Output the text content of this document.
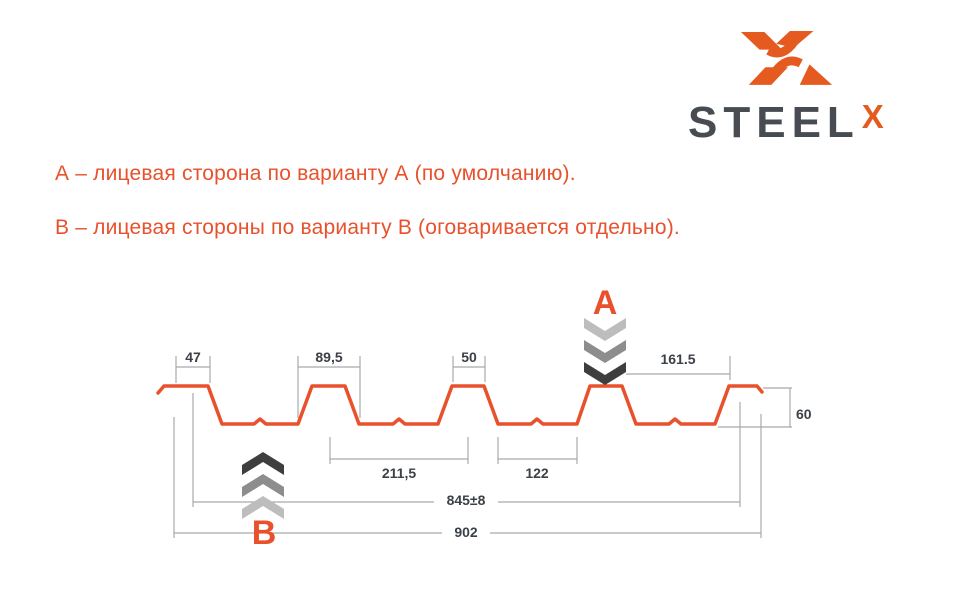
STEEL X
А – лицевая сторона по варианту А (по умолчанию).
В – лицевая стороны по варианту В (оговаривается отдельно).
47	89,5	50	161.5
60
211,5	122
845±8
902
A
B
